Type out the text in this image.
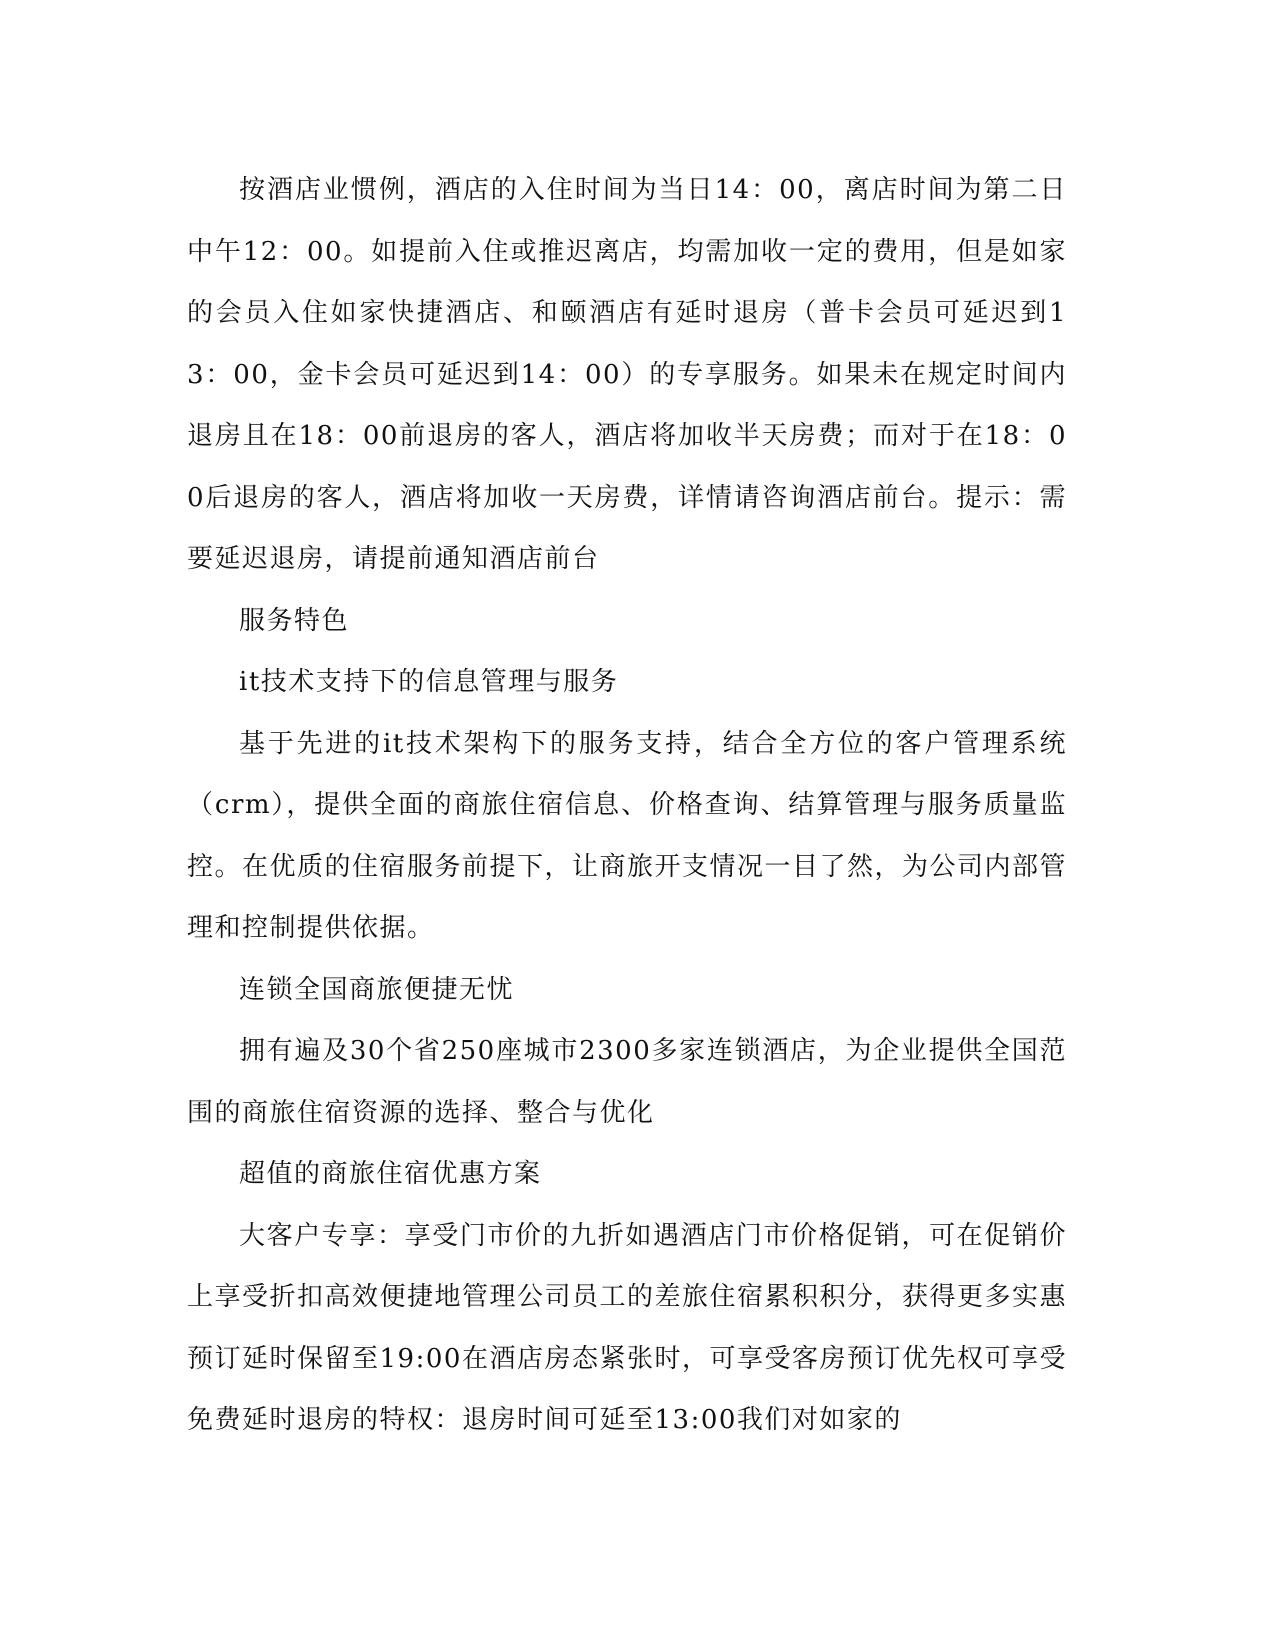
按酒店业惯例，酒店的入住时间为当日14：00，离店时间为第二日中午12：00。如提前入住或推迟离店，均需加收一定的费用，但是如家的会员入住如家快捷酒店、和颐酒店有延时退房（普卡会员可延迟到13：00，金卡会员可延迟到14：00）的专享服务。如果未在规定时间内退房且在18：00前退房的客人，酒店将加收半天房费；而对于在18：00后退房的客人，酒店将加收一天房费，详情请咨询酒店前台。提示：需要延迟退房，请提前通知酒店前台

服务特色

it技术支持下的信息管理与服务

基于先进的it技术架构下的服务支持，结合全方位的客户管理系统（crm），提供全面的商旅住宿信息、价格查询、结算管理与服务质量监控。在优质的住宿服务前提下，让商旅开支情况一目了然，为公司内部管理和控制提供依据。

连锁全国商旅便捷无忧

拥有遍及30个省250座城市2300多家连锁酒店，为企业提供全国范围的商旅住宿资源的选择、整合与优化

超值的商旅住宿优惠方案

大客户专享：享受门市价的九折如遇酒店门市价格促销，可在促销价上享受折扣高效便捷地管理公司员工的差旅住宿累积积分，获得更多实惠预订延时保留至19:00在酒店房态紧张时，可享受客房预订优先权可享受免费延时退房的特权：退房时间可延至13:00我们对如家的
